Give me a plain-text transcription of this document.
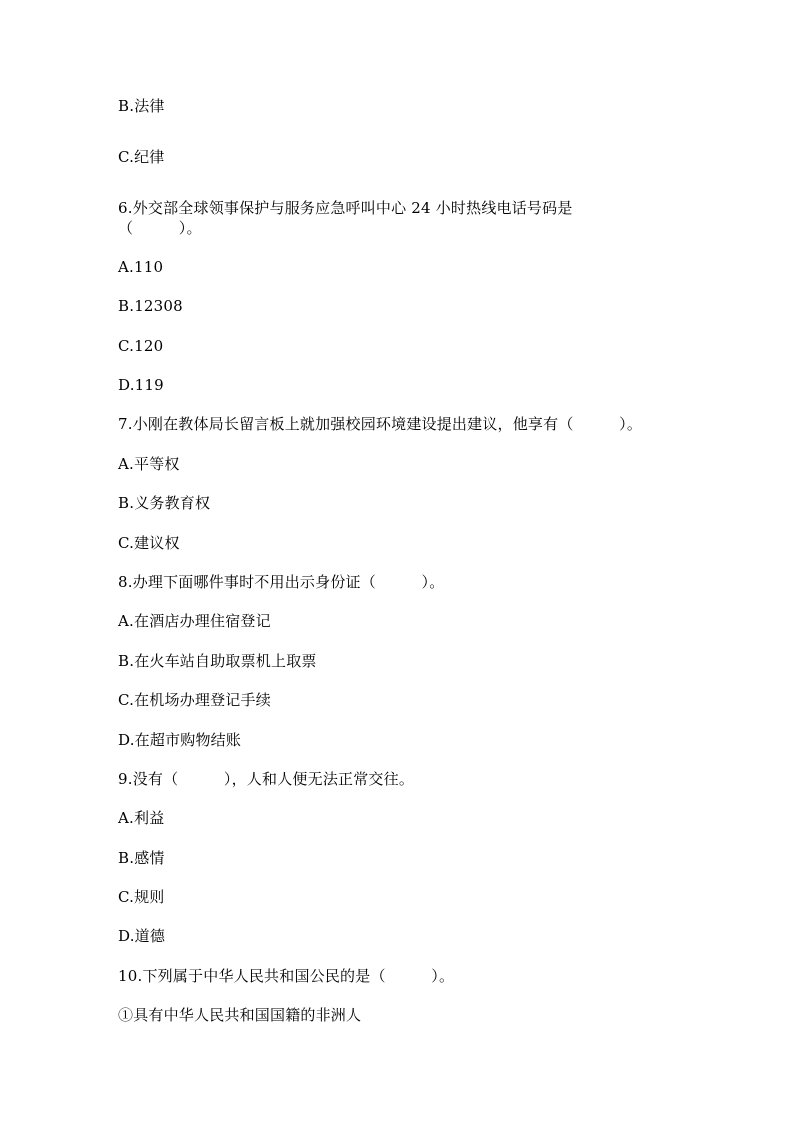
B.法律
C.纪律
6.外交部全球领事保护与服务应急呼叫中心 24 小时热线电话号码是
（　　　）。
A.110
B.12308
C.120
D.119
7.小刚在教体局长留言板上就加强校园环境建设提出建议，他享有（　　　）。
A.平等权
B.义务教育权
C.建议权
8.办理下面哪件事时不用出示身份证（　　　）。
A.在酒店办理住宿登记
B.在火车站自助取票机上取票
C.在机场办理登记手续
D.在超市购物结账
9.没有（　　　），人和人便无法正常交往。
A.利益
B.感情
C.规则
D.道德
10.下列属于中华人民共和国公民的是（　　　）。
①具有中华人民共和国国籍的非洲人
